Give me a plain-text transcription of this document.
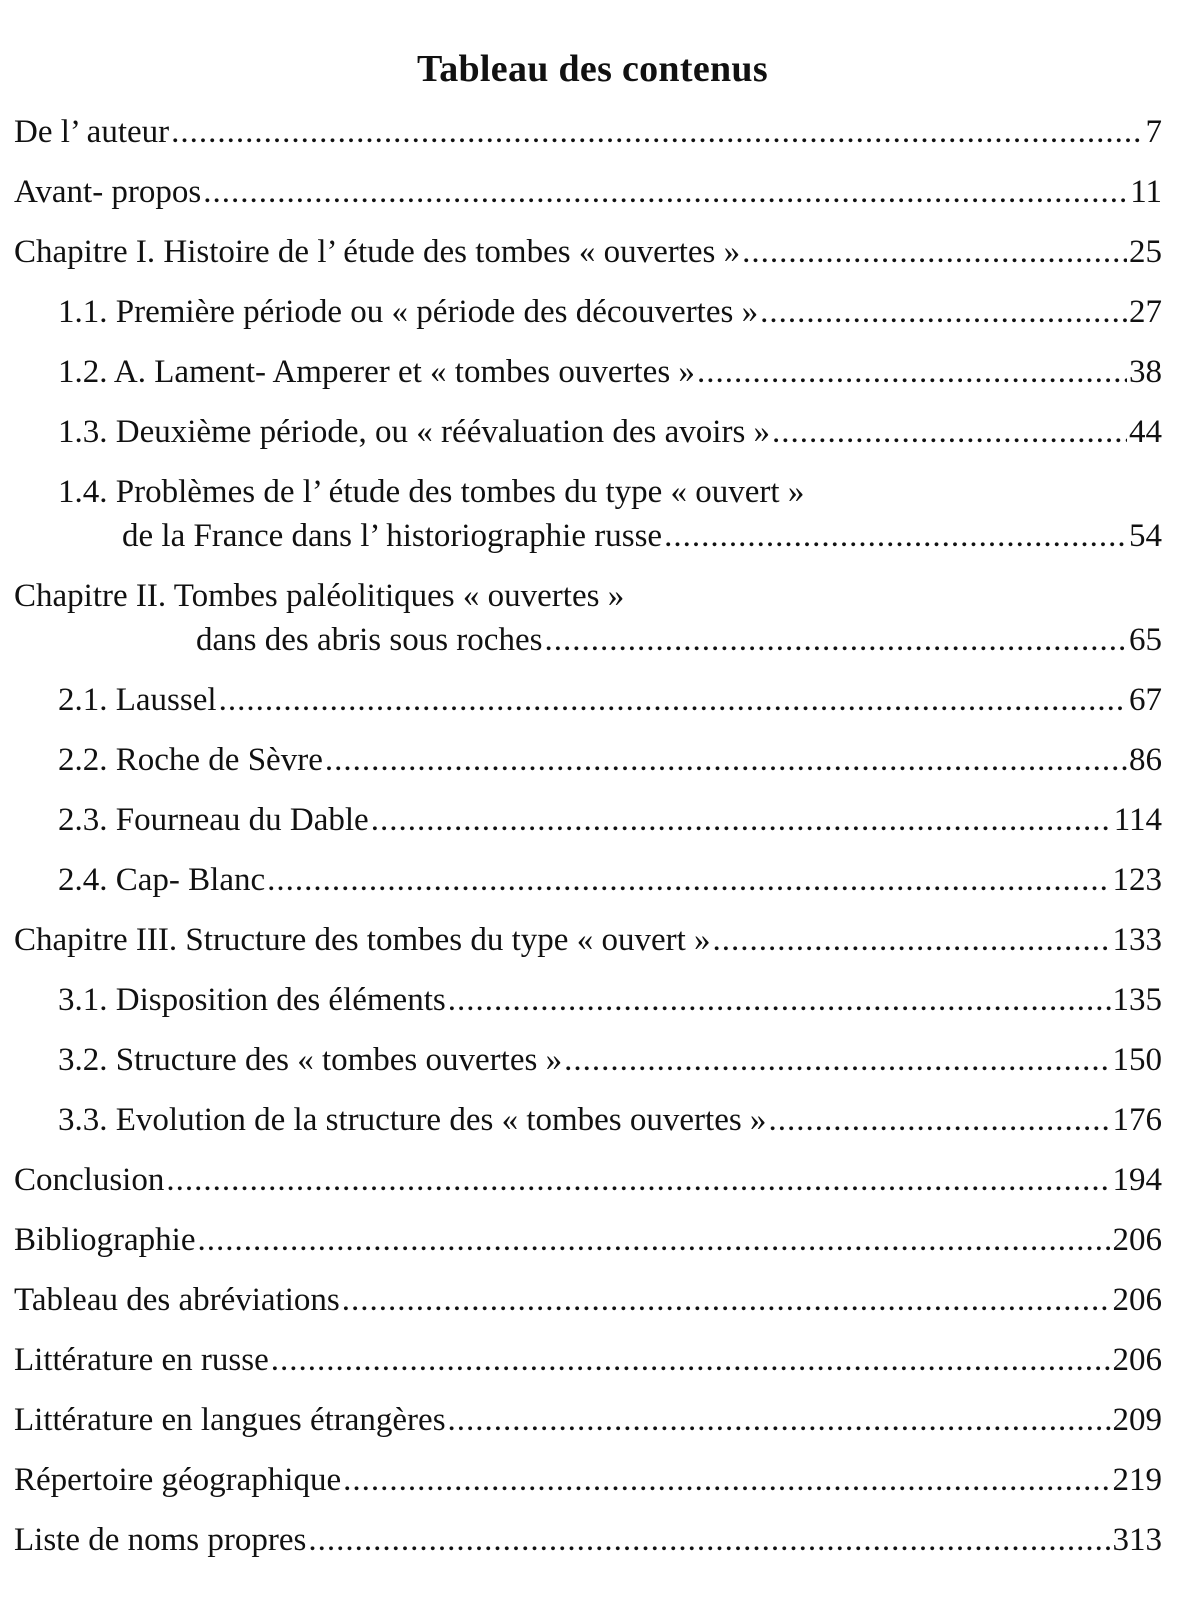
Tableau des contenus
De l’ auteur .....	7
Avant- propos .....	11
Chapitre I. Histoire de l’ étude des tombes « ouvertes » .....	25
1.1. Première période ou « période des découvertes » .....	27
1.2. A. Lament- Amperer et « tombes ouvertes » .....	38
1.3. Deuxième période, ou « réévaluation des avoirs » .....	44
1.4. Problèmes de l’ étude des tombes du type « ouvert »
de la France dans l’ historiographie russe .....	54
Chapitre II. Tombes paléolitiques « ouvertes »
dans des abris sous roches .....	65
2.1. Laussel .....	67
2.2. Roche de Sèvre .....	86
2.3. Fourneau du Dable .....	114
2.4. Cap- Blanc .....	123
Chapitre III. Structure des tombes du type « ouvert » .....	133
3.1. Disposition des éléments .....	135
3.2. Structure des « tombes ouvertes » .....	150
3.3. Evolution de la structure des « tombes ouvertes » .....	176
Conclusion .....	194
Bibliographie .....	206
Tableau des abréviations .....	206
Littérature en russe .....	206
Littérature en langues étrangères .....	209
Répertoire géographique .....	219
Liste de noms propres .....	313
